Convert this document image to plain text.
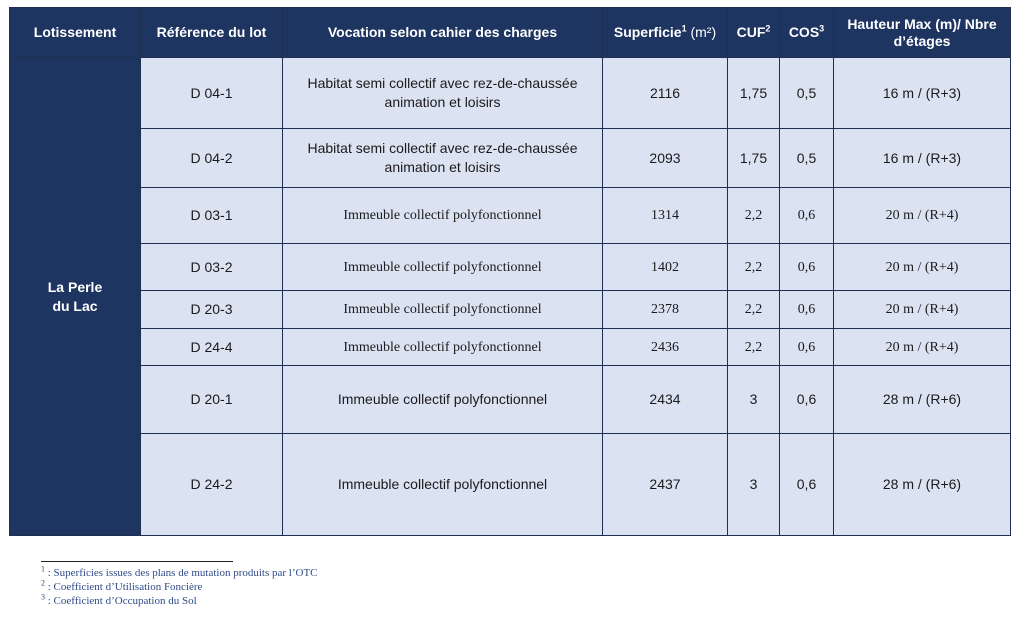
Lotissement	Référence du lot	Vocation selon cahier des charges	Superficie$^1$ (m²)	CUF$^2$	COS$^3$	Hauteur Max (m)/ Nbre d’étages
La Perle du Lac	D 04-1	Habitat semi collectif avec rez-de-chaussée animation et loisirs	2116	1,75	0,5	16 m / (R+3)
	D 04-2	Habitat semi collectif avec rez-de-chaussée animation et loisirs	2093	1,75	0,5	16 m / (R+3)
	D 03-1	Immeuble collectif polyfonctionnel	1314	2,2	0,6	20 m / (R+4)
	D 03-2	Immeuble collectif polyfonctionnel	1402	2,2	0,6	20 m / (R+4)
	D 20-3	Immeuble collectif polyfonctionnel	2378	2,2	0,6	20 m / (R+4)
	D 24-4	Immeuble collectif polyfonctionnel	2436	2,2	0,6	20 m / (R+4)
	D 20-1	Immeuble collectif polyfonctionnel	2434	3	0,6	28 m / (R+6)
	D 24-2	Immeuble collectif polyfonctionnel	2437	3	0,6	28 m / (R+6)
$^1$ : Superficies issues des plans de mutation produits par l’OTC
$^2$ : Coefficient d’Utilisation Foncière
$^3$ : Coefficient d’Occupation du Sol
